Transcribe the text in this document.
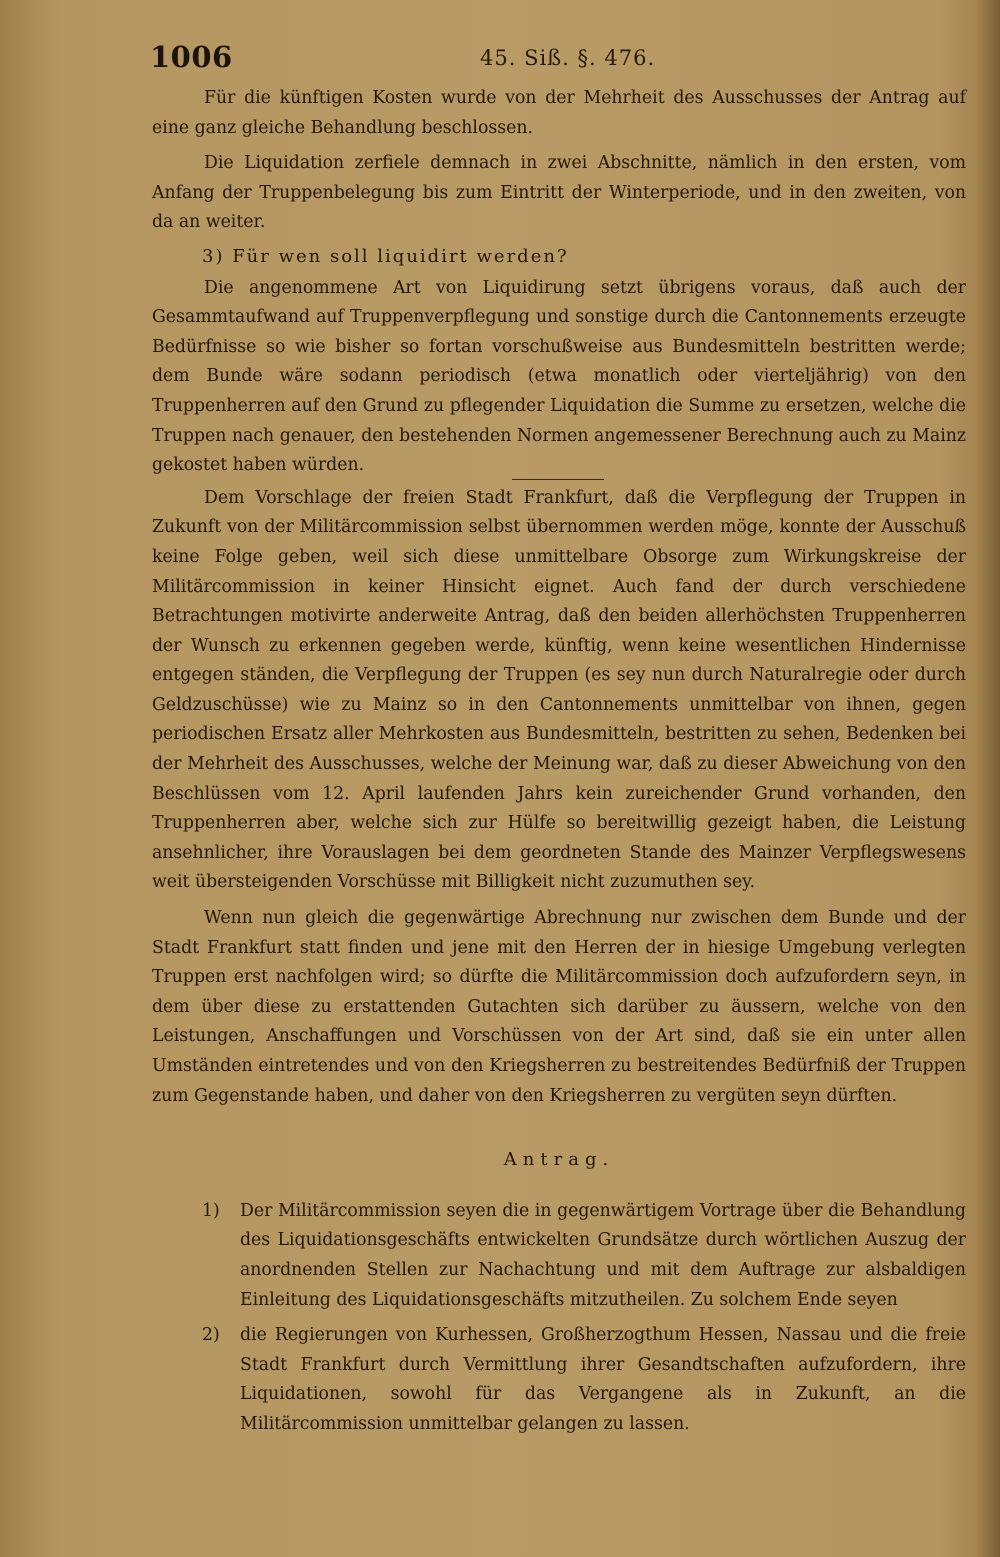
1006	45. Siß. §. 476.

Für die künftigen Kosten wurde von der Mehrheit des Ausschusses der Antrag auf eine ganz gleiche Behandlung beschlossen.

Die Liquidation zerfiele demnach in zwei Abschnitte, nämlich in den ersten, vom Anfang der Truppenbelegung bis zum Eintritt der Winterperiode, und in den zweiten, von da an weiter.

3) Für wen soll liquidirt werden?

Die angenommene Art von Liquidirung setzt übrigens voraus, daß auch der Gesammtaufwand auf Truppenverpflegung und sonstige durch die Cantonnements erzeugte Bedürfnisse so wie bisher so fortan vorschußweise aus Bundesmitteln bestritten werde; dem Bunde wäre sodann periodisch (etwa monatlich oder vierteljährig) von den Truppenherren auf den Grund zu pflegender Liquidation die Summe zu ersetzen, welche die Truppen nach genauer, den bestehenden Normen angemessener Berechnung auch zu Mainz gekostet haben würden.

Dem Vorschlage der freien Stadt Frankfurt, daß die Verpflegung der Truppen in Zukunft von der Militärcommission selbst übernommen werden möge, konnte der Ausschuß keine Folge geben, weil sich diese unmittelbare Obsorge zum Wirkungskreise der Militärcommission in keiner Hinsicht eignet. Auch fand der durch verschiedene Betrachtungen motivirte anderweite Antrag, daß den beiden allerhöchsten Truppenherren der Wunsch zu erkennen gegeben werde, künftig, wenn keine wesentlichen Hindernisse entgegen ständen, die Verpflegung der Truppen (es sey nun durch Naturalregie oder durch Geldzuschüsse) wie zu Mainz so in den Cantonnements unmittelbar von ihnen, gegen periodischen Ersatz aller Mehrkosten aus Bundesmitteln, bestritten zu sehen, Bedenken bei der Mehrheit des Ausschusses, welche der Meinung war, daß zu dieser Abweichung von den Beschlüssen vom 12. April laufenden Jahrs kein zureichender Grund vorhanden, den Truppenherren aber, welche sich zur Hülfe so bereitwillig gezeigt haben, die Leistung ansehnlicher, ihre Vorauslagen bei dem geordneten Stande des Mainzer Verpflegswesens weit übersteigenden Vorschüsse mit Billigkeit nicht zuzumuthen sey.

Wenn nun gleich die gegenwärtige Abrechnung nur zwischen dem Bunde und der Stadt Frankfurt statt finden und jene mit den Herren der in hiesige Umgebung verlegten Truppen erst nachfolgen wird; so dürfte die Militärcommission doch aufzufordern seyn, in dem über diese zu erstattenden Gutachten sich darüber zu äussern, welche von den Leistungen, Anschaffungen und Vorschüssen von der Art sind, daß sie ein unter allen Umständen eintretendes und von den Kriegsherren zu bestreitendes Bedürfniß der Truppen zum Gegenstande haben, und daher von den Kriegsherren zu vergüten seyn dürften.

Antrag.
1)	Der Militärcommission seyen die in gegenwärtigem Vortrage über die Behandlung des Liquidationsgeschäfts entwickelten Grundsätze durch wörtlichen Auszug der anordnenden Stellen zur Nachachtung und mit dem Auftrage zur alsbaldigen Einleitung des Liquidationsgeschäfts mitzutheilen. Zu solchem Ende seyen
2)	die Regierungen von Kurhessen, Großherzogthum Hessen, Nassau und die freie Stadt Frankfurt durch Vermittlung ihrer Gesandtschaften aufzufordern, ihre Liquidationen, sowohl für das Vergangene als in Zukunft, an die Militärcommission unmittelbar gelangen zu lassen.
